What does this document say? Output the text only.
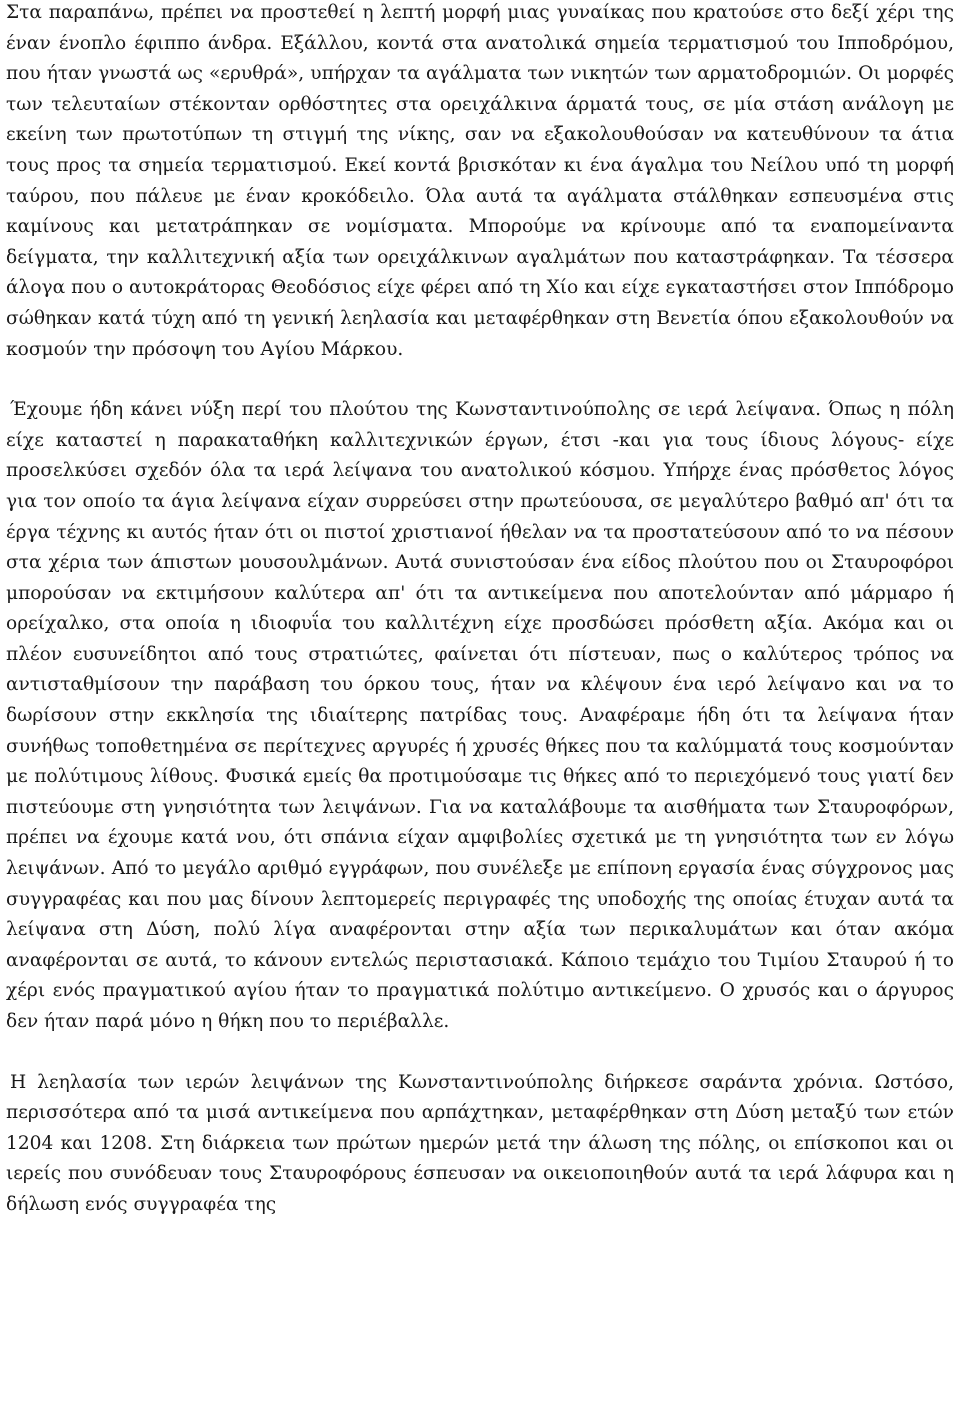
Στα παραπάνω, πρέπει να προστεθεί η λεπτή μορφή μιας γυναίκας που κρατούσε στο δεξί χέρι της έναν ένοπλο έφιππο άνδρα. Εξάλλου, κοντά στα ανατολικά σημεία τερματισμού του Ιπποδρόμου, που ήταν γνωστά ως «ερυθρά», υπήρχαν τα αγάλματα των νικητών των αρματοδρομιών. Οι μορφές των τελευταίων στέκονταν ορθόστητες στα ορειχάλκινα άρματά τους, σε μία στάση ανάλογη με εκείνη των πρωτοτύπων τη στιγμή της νίκης, σαν να εξακολουθούσαν να κατευθύνουν τα άτια τους προς τα σημεία τερματισμού. Εκεί κοντά βρισκόταν κι ένα άγαλμα του Νείλου υπό τη μορφή ταύρου, που πάλευε με έναν κροκόδειλο. Όλα αυτά τα αγάλματα στάλθηκαν εσπευσμένα στις καμίνους και μετατράπηκαν σε νομίσματα. Μπορούμε να κρίνουμε από τα εναπομείναντα δείγματα, την καλλιτεχνική αξία των ορειχάλκινων αγαλμάτων που καταστράφηκαν. Τα τέσσερα άλογα που ο αυτοκράτορας Θεοδόσιος είχε φέρει από τη Χίο και είχε εγκαταστήσει στον Ιππόδρομο σώθηκαν κατά τύχη από τη γενική λεηλασία και μεταφέρθηκαν στη Βενετία όπου εξακολουθούν να κοσμούν την πρόσοψη του Αγίου Μάρκου.

Έχουμε ήδη κάνει νύξη περί του πλούτου της Κωνσταντινούπολης σε ιερά λείψανα. Όπως η πόλη είχε καταστεί η παρακαταθήκη καλλιτεχνικών έργων, έτσι -και για τους ίδιους λόγους- είχε προσελκύσει σχεδόν όλα τα ιερά λείψανα του ανατολικού κόσμου. Υπήρχε ένας πρόσθετος λόγος για τον οποίο τα άγια λείψανα είχαν συρρεύσει στην πρωτεύουσα, σε μεγαλύτερο βαθμό απ' ότι τα έργα τέχνης κι αυτός ήταν ότι οι πιστοί χριστιανοί ήθελαν να τα προστατεύσουν από το να πέσουν στα χέρια των άπιστων μουσουλμάνων. Αυτά συνιστούσαν ένα είδος πλούτου που οι Σταυροφόροι μπορούσαν να εκτιμήσουν καλύτερα απ' ότι τα αντικείμενα που αποτελούνταν από μάρμαρο ή ορείχαλκο, στα οποία η ιδιοφυΐα του καλλιτέχνη είχε προσδώσει πρόσθετη αξία. Ακόμα και οι πλέον ευσυνείδητοι από τους στρατιώτες, φαίνεται ότι πίστευαν, πως ο καλύτερος τρόπος να αντισταθμίσουν την παράβαση του όρκου τους, ήταν να κλέψουν ένα ιερό λείψανο και να το δωρίσουν στην εκκλησία της ιδιαίτερης πατρίδας τους. Αναφέραμε ήδη ότι τα λείψανα ήταν συνήθως τοποθετημένα σε περίτεχνες αργυρές ή χρυσές θήκες που τα καλύμματά τους κοσμούνταν με πολύτιμους λίθους. Φυσικά εμείς θα προτιμούσαμε τις θήκες από το περιεχόμενό τους γιατί δεν πιστεύουμε στη γνησιότητα των λειψάνων. Για να καταλάβουμε τα αισθήματα των Σταυροφόρων, πρέπει να έχουμε κατά νου, ότι σπάνια είχαν αμφιβολίες σχετικά με τη γνησιότητα των εν λόγω λειψάνων. Από το μεγάλο αριθμό εγγράφων, που συνέλεξε με επίπονη εργασία ένας σύγχρονος μας συγγραφέας και που μας δίνουν λεπτομερείς περιγραφές της υποδοχής της οποίας έτυχαν αυτά τα λείψανα στη Δύση, πολύ λίγα αναφέρονται στην αξία των περικαλυμάτων και όταν ακόμα αναφέρονται σε αυτά, το κάνουν εντελώς περιστασιακά. Κάποιο τεμάχιο του Τιμίου Σταυρού ή το χέρι ενός πραγματικού αγίου ήταν το πραγματικά πολύτιμο αντικείμενο. Ο χρυσός και ο άργυρος δεν ήταν παρά μόνο η θήκη που το περιέβαλλε.

Η λεηλασία των ιερών λειψάνων της Κωνσταντινούπολης διήρκεσε σαράντα χρόνια. Ωστόσο, περισσότερα από τα μισά αντικείμενα που αρπάχτηκαν, μεταφέρθηκαν στη Δύση μεταξύ των ετών 1204 και 1208. Στη διάρκεια των πρώτων ημερών μετά την άλωση της πόλης, οι επίσκοποι και οι ιερείς που συνόδευαν τους Σταυροφόρους έσπευσαν να οικειοποιηθούν αυτά τα ιερά λάφυρα και η δήλωση ενός συγγραφέα της
